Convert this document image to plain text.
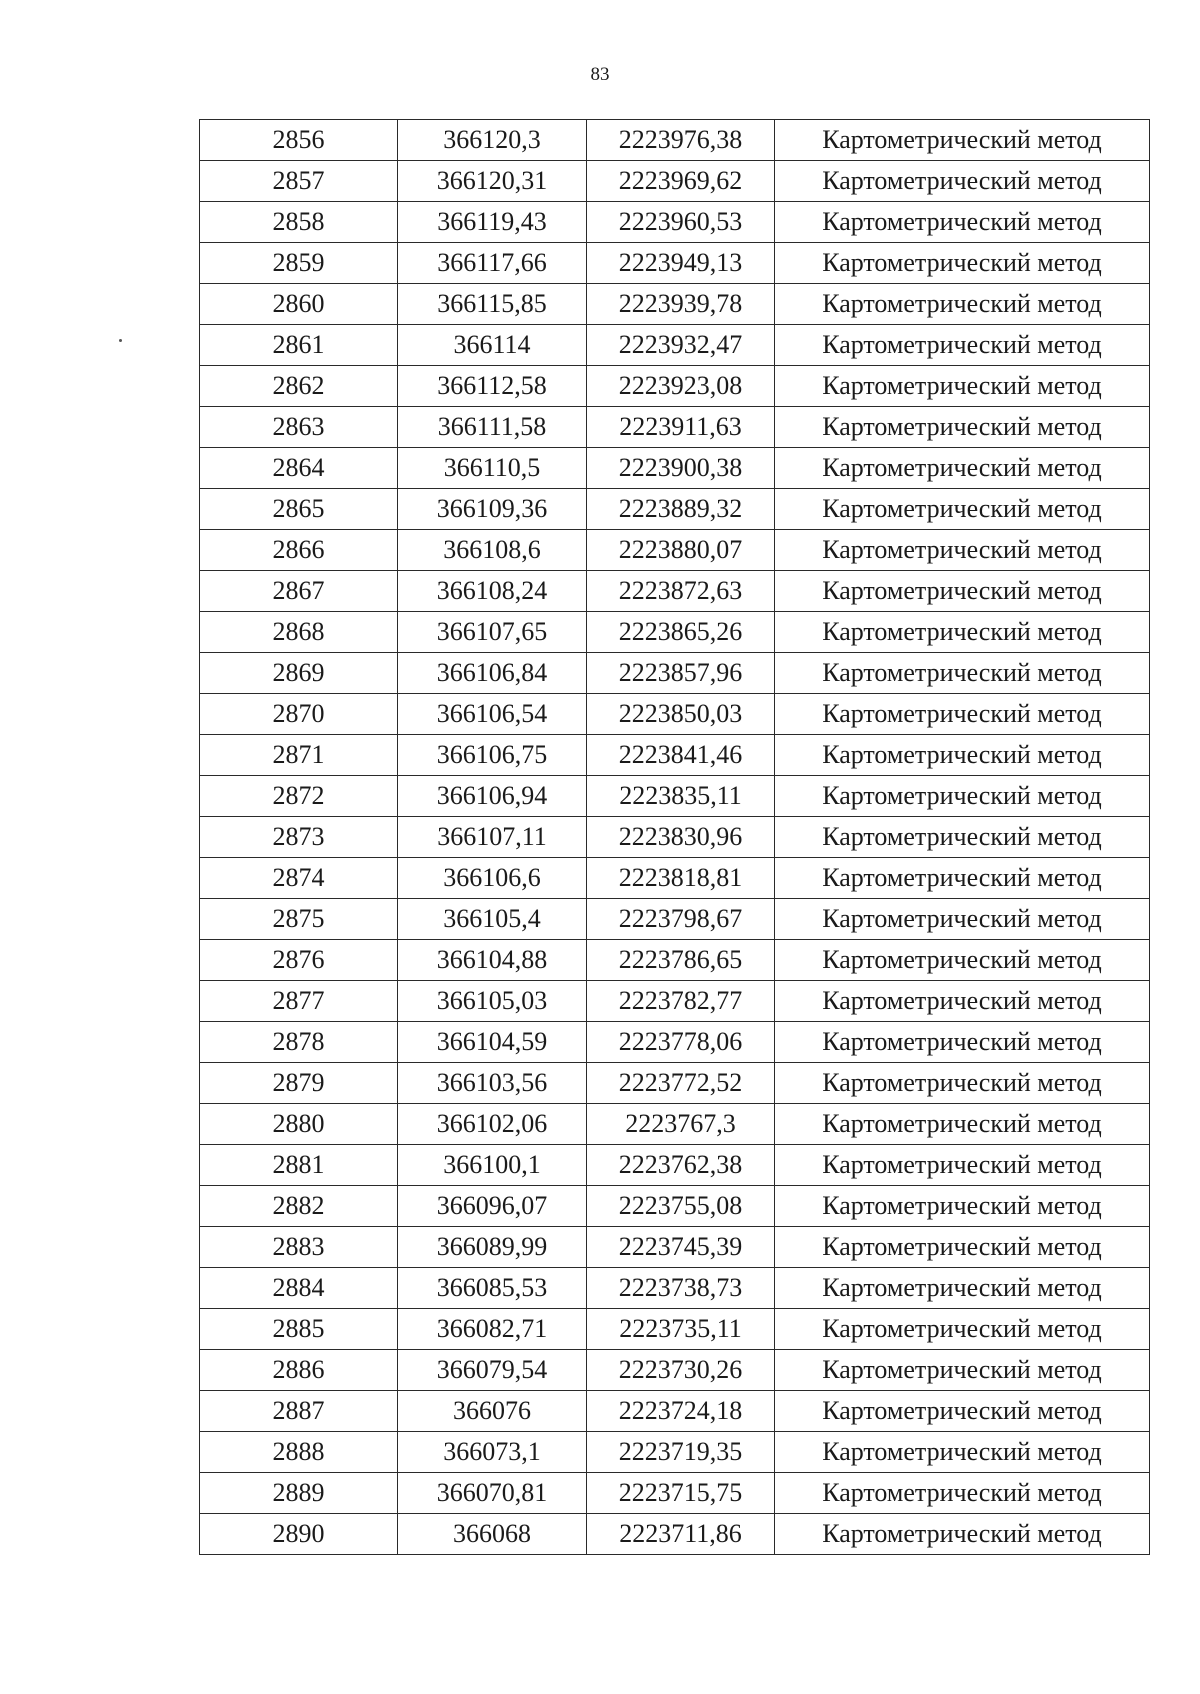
83
2856	366120,3	2223976,38	Картометрический метод
2857	366120,31	2223969,62	Картометрический метод
2858	366119,43	2223960,53	Картометрический метод
2859	366117,66	2223949,13	Картометрический метод
2860	366115,85	2223939,78	Картометрический метод
2861	366114	2223932,47	Картометрический метод
2862	366112,58	2223923,08	Картометрический метод
2863	366111,58	2223911,63	Картометрический метод
2864	366110,5	2223900,38	Картометрический метод
2865	366109,36	2223889,32	Картометрический метод
2866	366108,6	2223880,07	Картометрический метод
2867	366108,24	2223872,63	Картометрический метод
2868	366107,65	2223865,26	Картометрический метод
2869	366106,84	2223857,96	Картометрический метод
2870	366106,54	2223850,03	Картометрический метод
2871	366106,75	2223841,46	Картометрический метод
2872	366106,94	2223835,11	Картометрический метод
2873	366107,11	2223830,96	Картометрический метод
2874	366106,6	2223818,81	Картометрический метод
2875	366105,4	2223798,67	Картометрический метод
2876	366104,88	2223786,65	Картометрический метод
2877	366105,03	2223782,77	Картометрический метод
2878	366104,59	2223778,06	Картометрический метод
2879	366103,56	2223772,52	Картометрический метод
2880	366102,06	2223767,3	Картометрический метод
2881	366100,1	2223762,38	Картометрический метод
2882	366096,07	2223755,08	Картометрический метод
2883	366089,99	2223745,39	Картометрический метод
2884	366085,53	2223738,73	Картометрический метод
2885	366082,71	2223735,11	Картометрический метод
2886	366079,54	2223730,26	Картометрический метод
2887	366076	2223724,18	Картометрический метод
2888	366073,1	2223719,35	Картометрический метод
2889	366070,81	2223715,75	Картометрический метод
2890	366068	2223711,86	Картометрический метод
